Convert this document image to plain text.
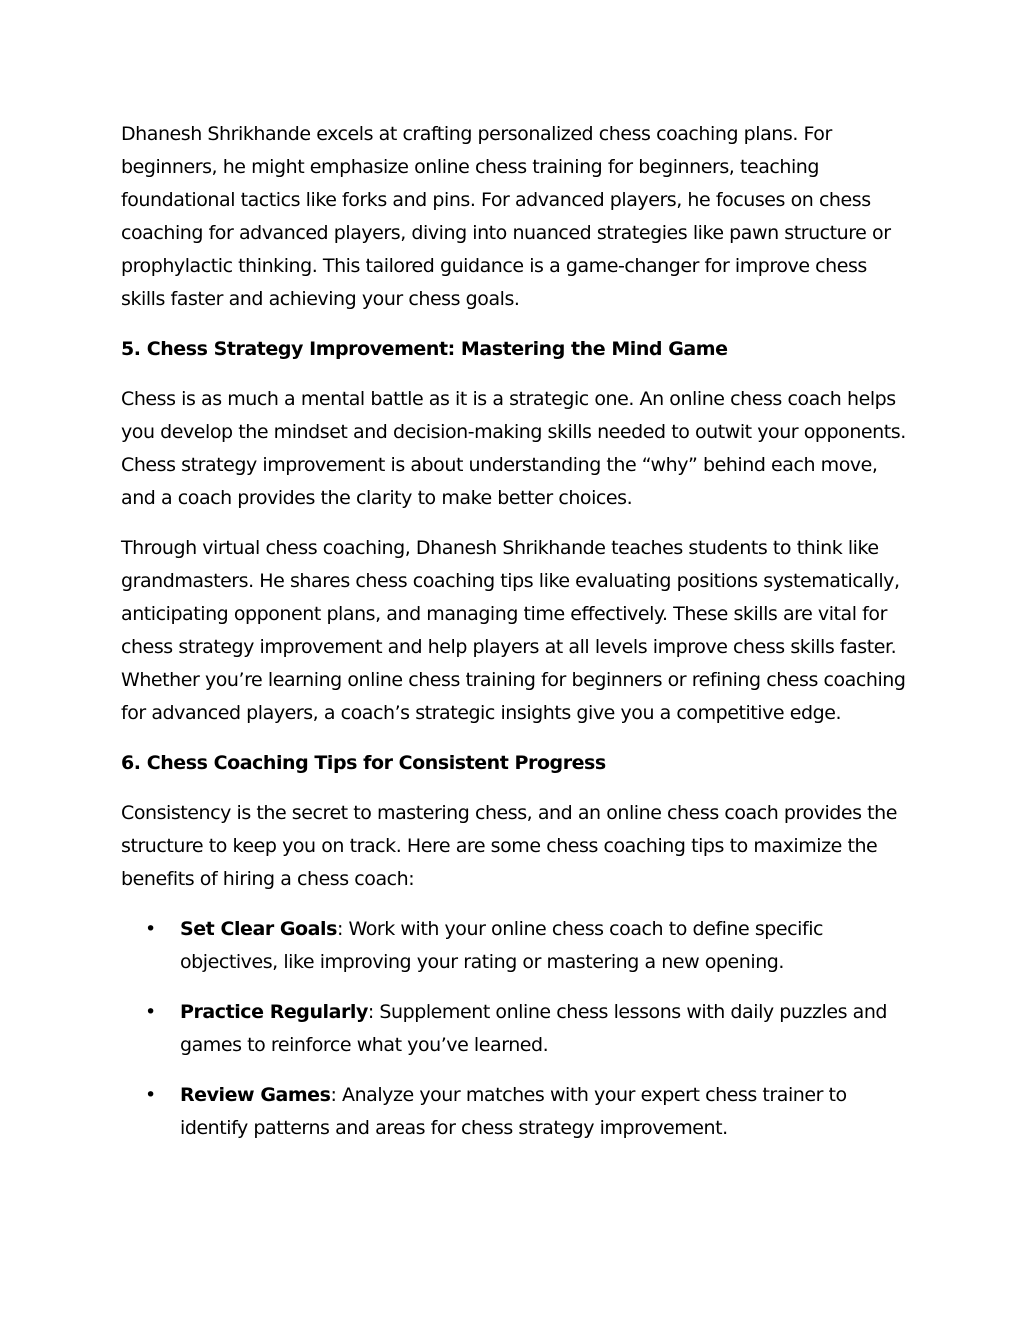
Dhanesh Shrikhande excels at crafting personalized chess coaching plans. For beginners, he might emphasize online chess training for beginners, teaching foundational tactics like forks and pins. For advanced players, he focuses on chess coaching for advanced players, diving into nuanced strategies like pawn structure or prophylactic thinking. This tailored guidance is a game-changer for improve chess skills faster and achieving your chess goals.

5. Chess Strategy Improvement: Mastering the Mind Game

Chess is as much a mental battle as it is a strategic one. An online chess coach helps you develop the mindset and decision-making skills needed to outwit your opponents. Chess strategy improvement is about understanding the “why” behind each move, and a coach provides the clarity to make better choices.

Through virtual chess coaching, Dhanesh Shrikhande teaches students to think like grandmasters. He shares chess coaching tips like evaluating positions systematically, anticipating opponent plans, and managing time effectively. These skills are vital for chess strategy improvement and help players at all levels improve chess skills faster. Whether you’re learning online chess training for beginners or refining chess coaching for advanced players, a coach’s strategic insights give you a competitive edge.

6. Chess Coaching Tips for Consistent Progress

Consistency is the secret to mastering chess, and an online chess coach provides the structure to keep you on track. Here are some chess coaching tips to maximize the benefits of hiring a chess coach:

• Set Clear Goals: Work with your online chess coach to define specific objectives, like improving your rating or mastering a new opening.
• Practice Regularly: Supplement online chess lessons with daily puzzles and games to reinforce what you’ve learned.
• Review Games: Analyze your matches with your expert chess trainer to identify patterns and areas for chess strategy improvement.
